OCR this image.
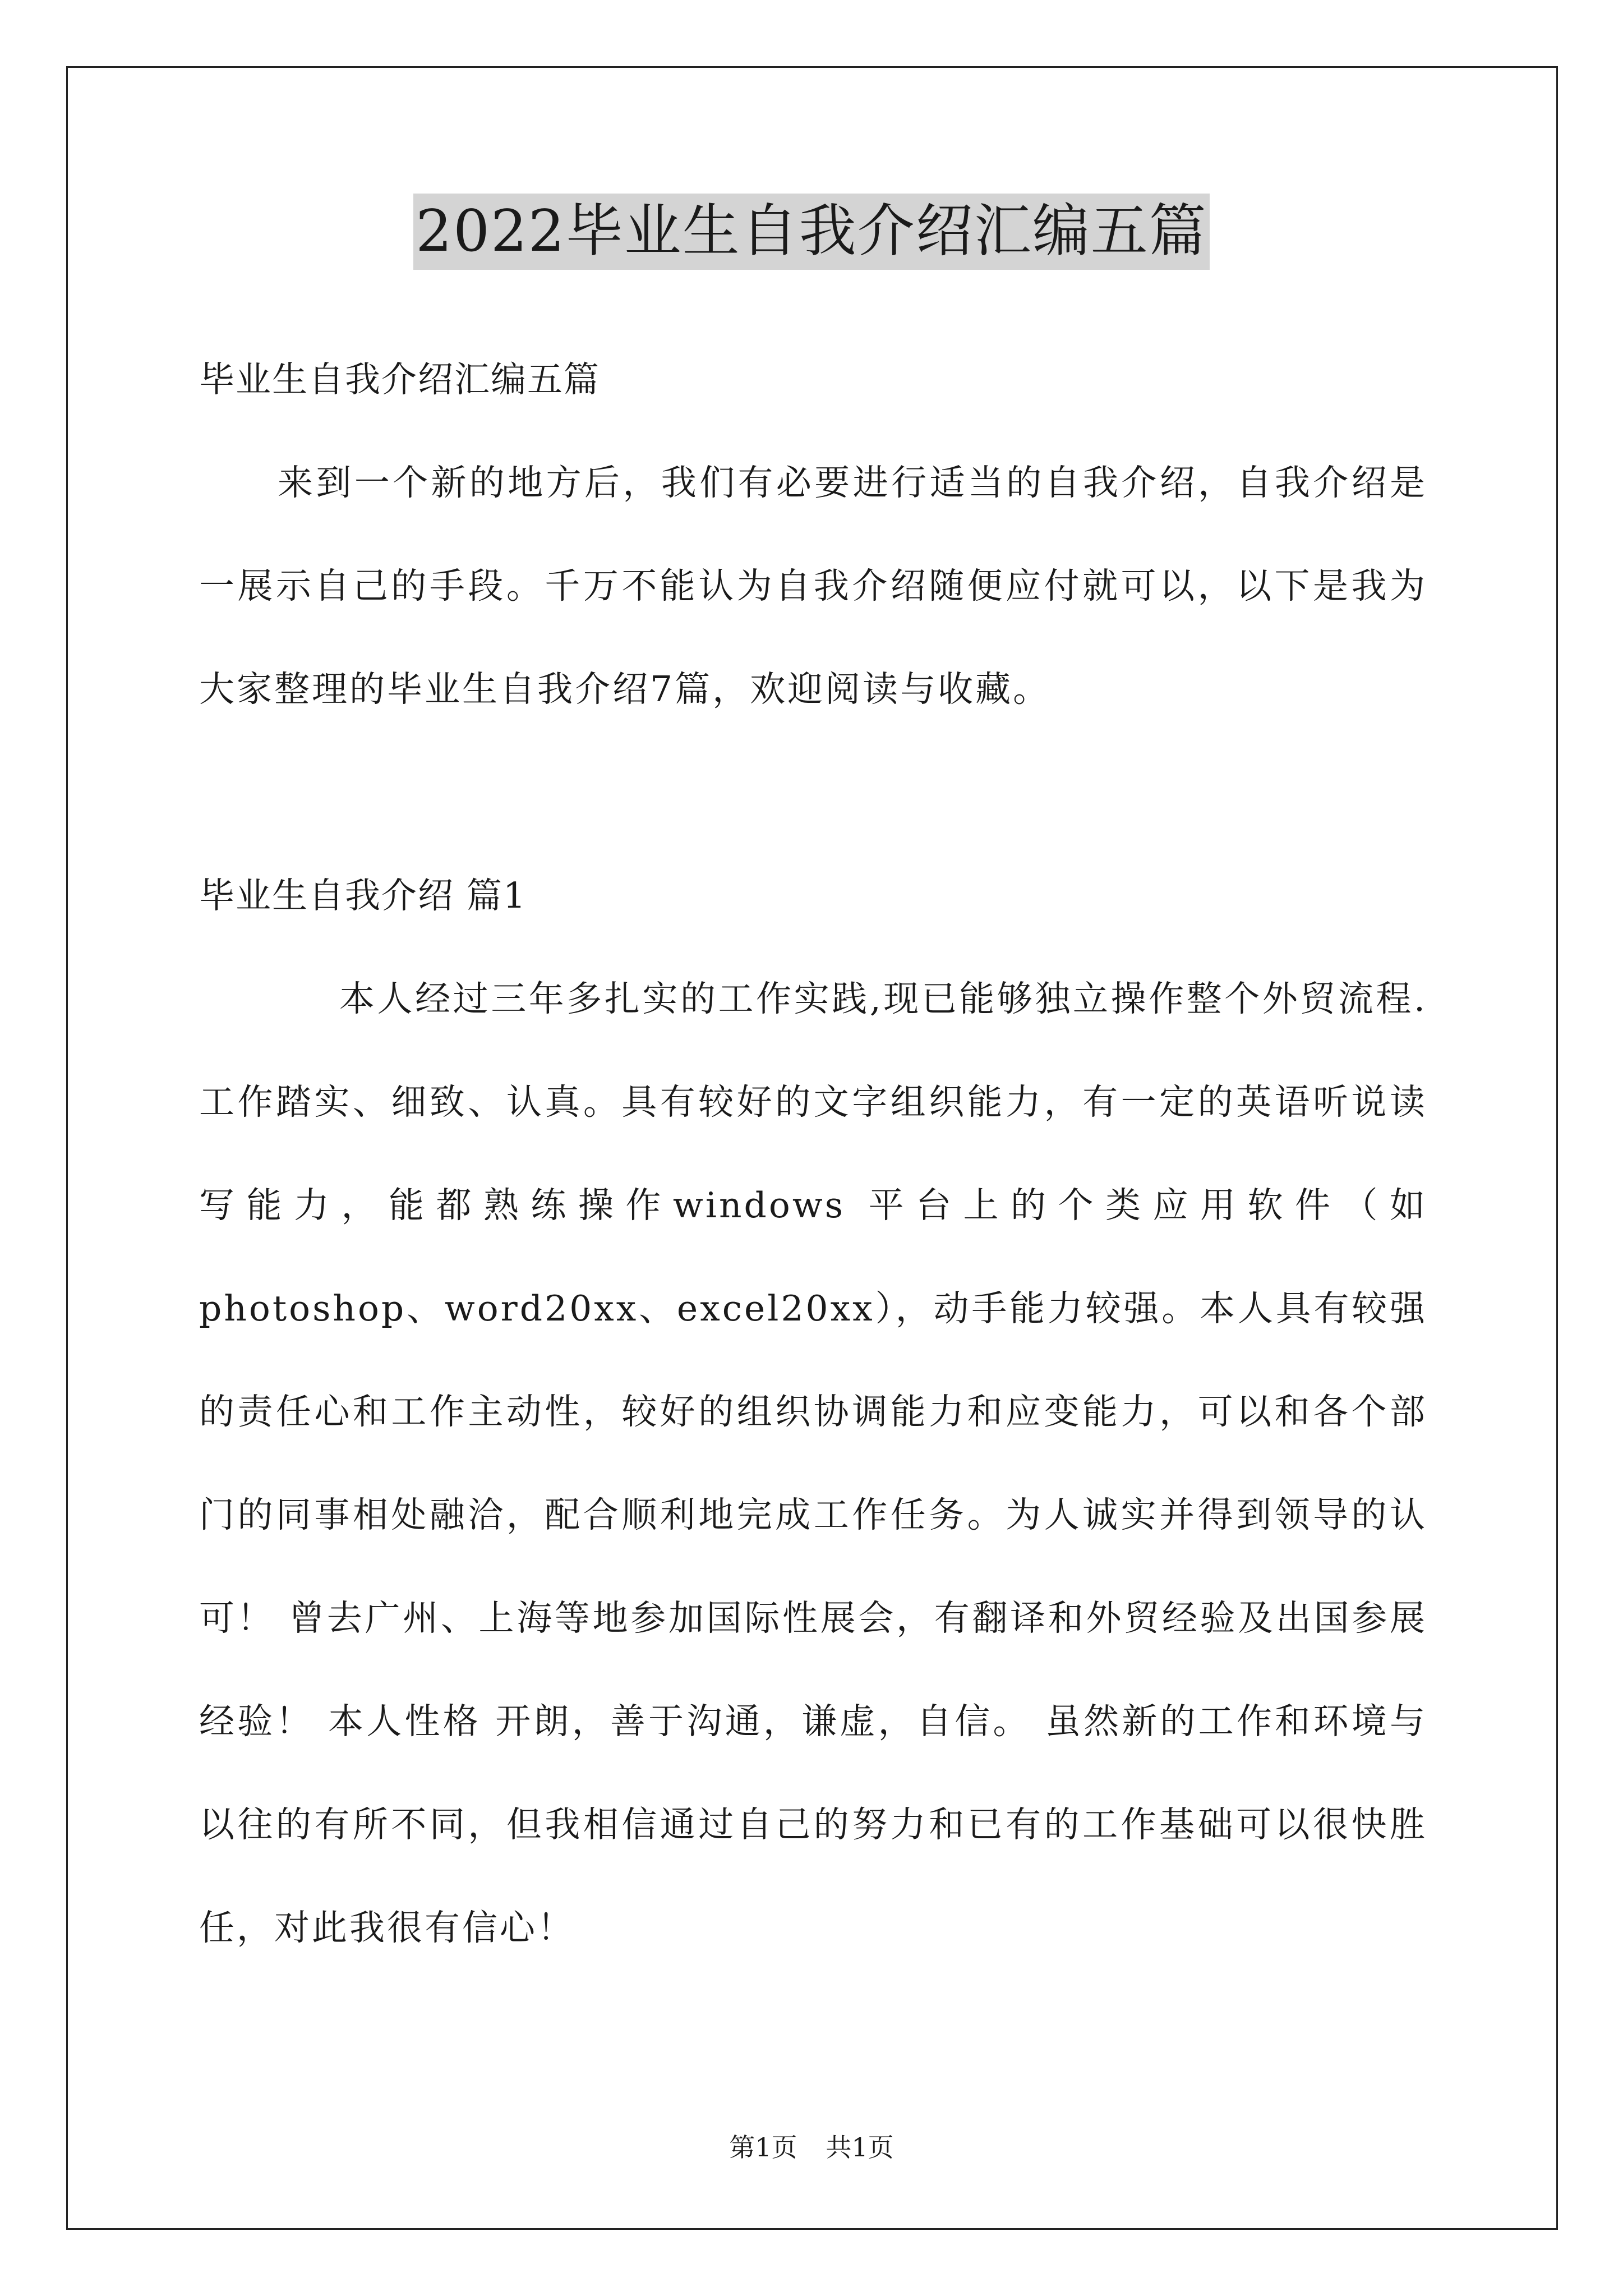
2022毕业生自我介绍汇编五篇
毕业生自我介绍汇编五篇

来到一个新的地方后，我们有必要进行适当的自我介绍，自我介绍是一展示自己的手段。千万不能认为自我介绍随便应付就可以，以下是我为大家整理的毕业生自我介绍7篇，欢迎阅读与收藏。

毕业生自我介绍 篇1

本人经过三年多扎实的工作实践,现已能够独立操作整个外贸流程.工作踏实、细致、认真。具有较好的文字组织能力，有一定的英语听说读写能力，能都熟练操作windows 平台上的个类应用软件（如photoshop、word20xx、excel20xx），动手能力较强。本人具有较强的责任心和工作主动性，较好的组织协调能力和应变能力，可以和各个部门的同事相处融洽，配合顺利地完成工作任务。为人诚实并得到领导的认可！ 曾去广州、上海等地参加国际性展会，有翻译和外贸经验及出国参展经验！ 本人性格 开朗，善于沟通，谦虚，自信。 虽然新的工作和环境与以往的有所不同，但我相信通过自己的努力和已有的工作基础可以很快胜任，对此我很有信心！

第1页 共1页
